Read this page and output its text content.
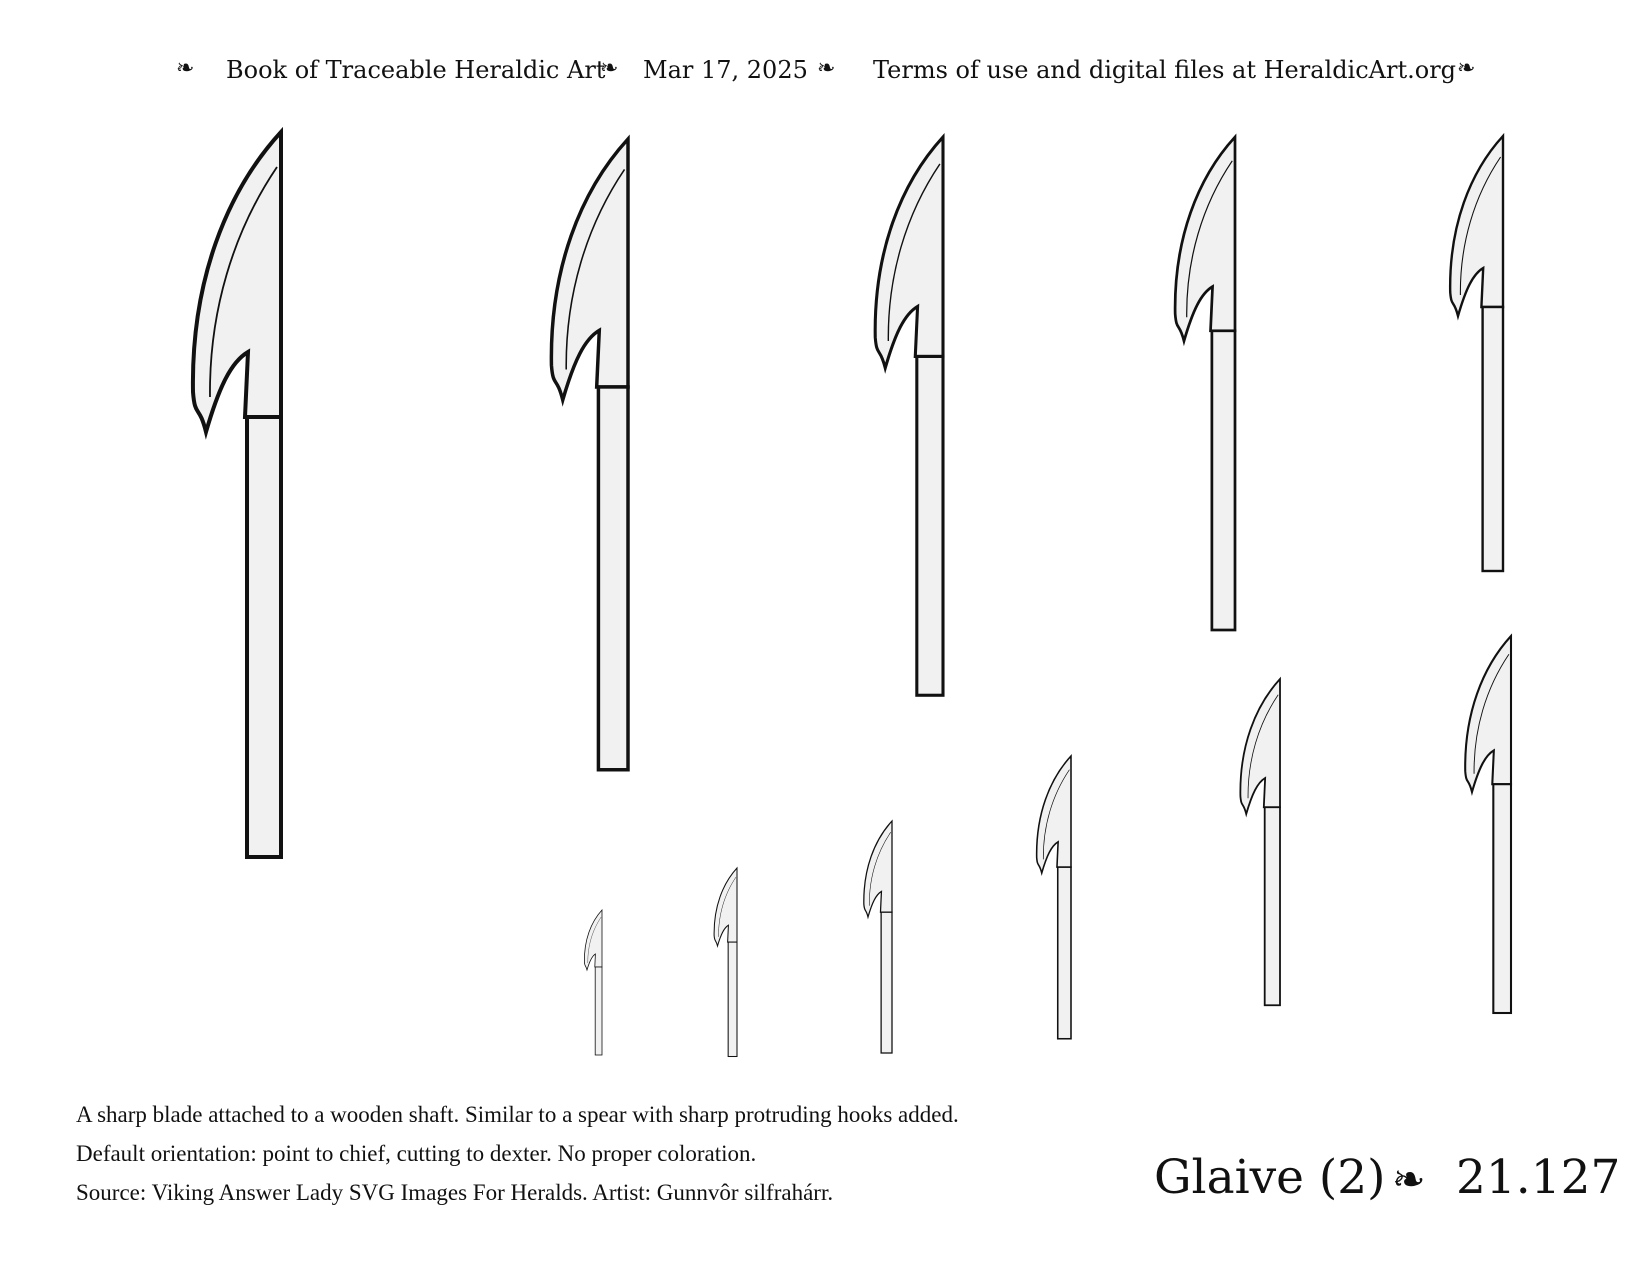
❧ Book of Traceable Heraldic Art
❧ Mar 17, 2025 ❧ Terms of use and digital files at HeraldicArt.org ❧
A sharp blade attached to a wooden shaft. Similar to a spear with sharp protruding hooks added.
Default orientation: point to chief, cutting to dexter. No proper coloration.
Source: Viking Answer Lady SVG Images For Heralds. Artist: Gunnvôr silfrahárr.	Glaive (2) ❧ 21.127
